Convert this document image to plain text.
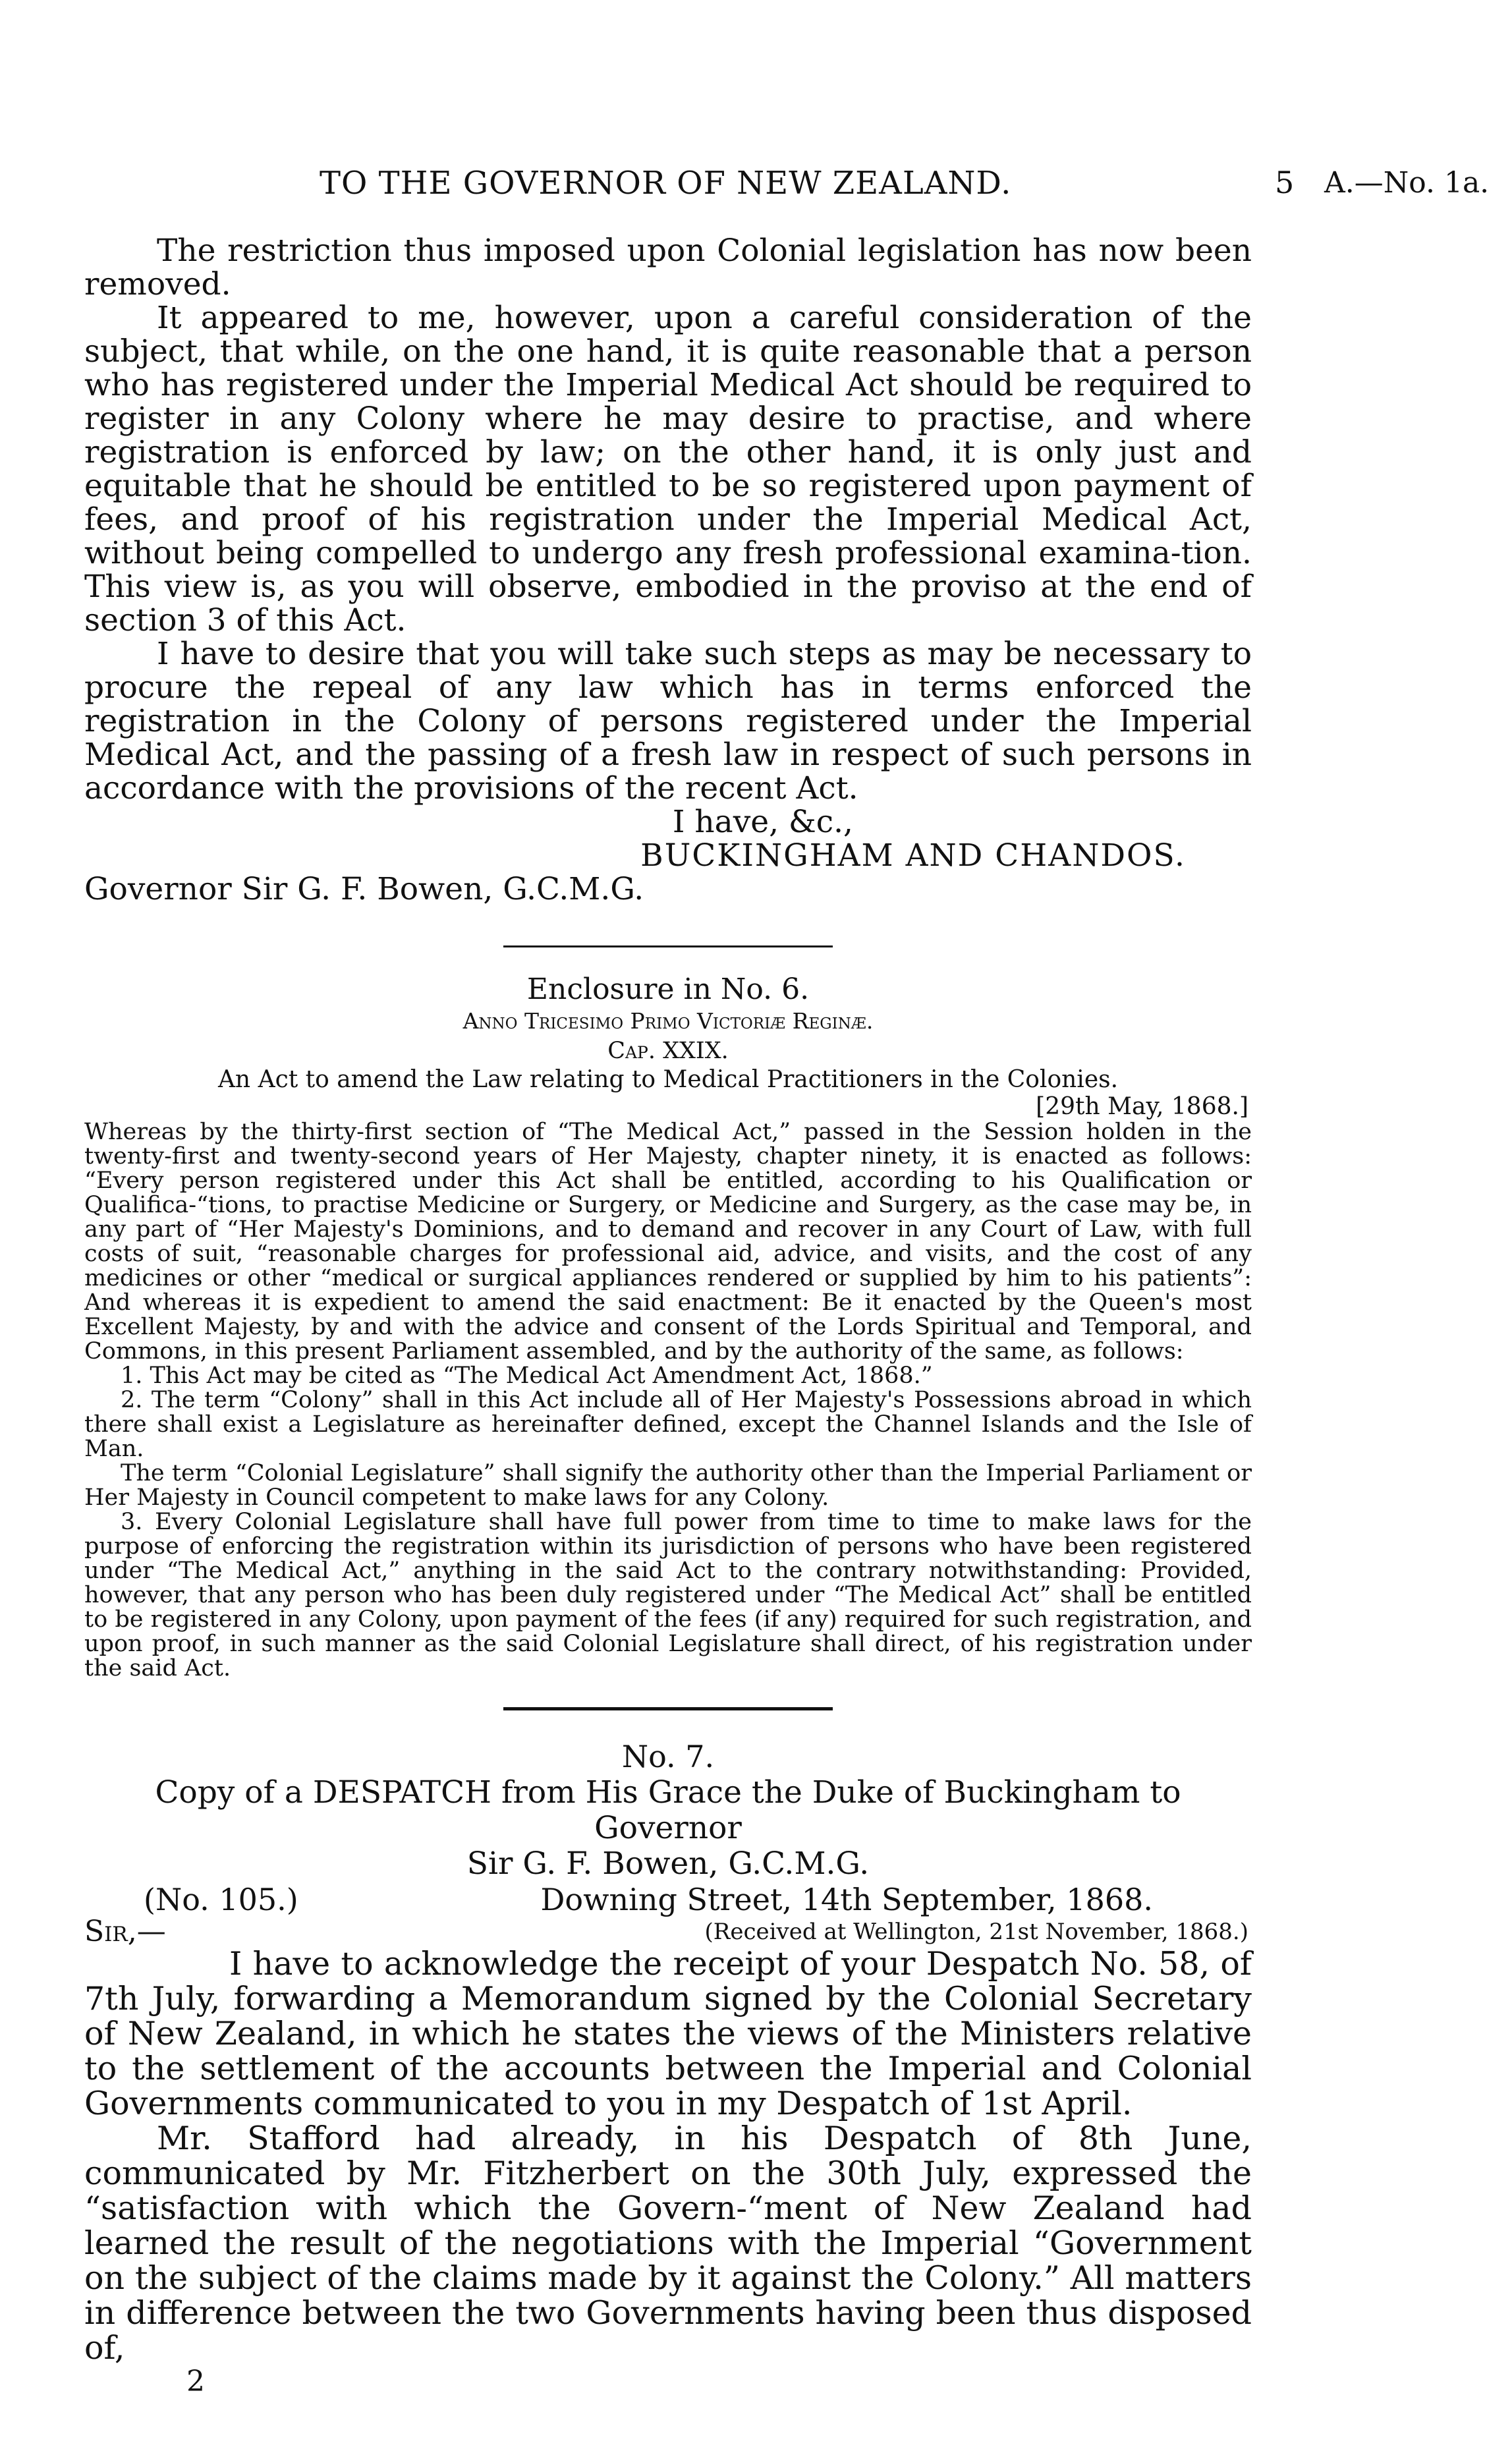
TO THE GOVERNOR OF NEW ZEALAND.	5 A.—No. 1a.

The restriction thus imposed upon Colonial legislation has now been removed.

It appeared to me, however, upon a careful consideration of the subject, that while, on the one hand, it is quite reasonable that a person who has registered under the Imperial Medical Act should be required to register in any Colony where he may desire to practise, and where registration is enforced by law; on the other hand, it is only just and equitable that he should be entitled to be so registered upon payment of fees, and proof of his registration under the Imperial Medical Act, without being compelled to undergo any fresh professional examina-tion. This view is, as you will observe, embodied in the proviso at the end of section 3 of this Act.

I have to desire that you will take such steps as may be necessary to procure the repeal of any law which has in terms enforced the registration in the Colony of persons registered under the Imperial Medical Act, and the passing of a fresh law in respect of such persons in accordance with the provisions of the recent Act.

I have, &c.,

BUCKINGHAM AND CHANDOS.

Governor Sir G. F. Bowen, G.C.M.G.

Enclosure in No. 6.
Anno Tricesimo Primo Victoriæ Reginæ.
Cap. XXIX.
An Act to amend the Law relating to Medical Practitioners in the Colonies.
[29th May, 1868.]

Whereas by the thirty-first section of “The Medical Act,” passed in the Session holden in the twenty-first and twenty-second years of Her Majesty, chapter ninety, it is enacted as follows: “Every person registered under this Act shall be entitled, according to his Qualification or Qualifica-“tions, to practise Medicine or Surgery, or Medicine and Surgery, as the case may be, in any part of “Her Majesty's Dominions, and to demand and recover in any Court of Law, with full costs of suit, “reasonable charges for professional aid, advice, and visits, and the cost of any medicines or other “medical or surgical appliances rendered or supplied by him to his patients”: And whereas it is expedient to amend the said enactment: Be it enacted by the Queen's most Excellent Majesty, by and with the advice and consent of the Lords Spiritual and Temporal, and Commons, in this present Parliament assembled, and by the authority of the same, as follows:

1. This Act may be cited as “The Medical Act Amendment Act, 1868.”

2. The term “Colony” shall in this Act include all of Her Majesty's Possessions abroad in which there shall exist a Legislature as hereinafter defined, except the Channel Islands and the Isle of Man.

The term “Colonial Legislature” shall signify the authority other than the Imperial Parliament or Her Majesty in Council competent to make laws for any Colony.

3. Every Colonial Legislature shall have full power from time to time to make laws for the purpose of enforcing the registration within its jurisdiction of persons who have been registered under “The Medical Act,” anything in the said Act to the contrary notwithstanding: Provided, however, that any person who has been duly registered under “The Medical Act” shall be entitled to be registered in any Colony, upon payment of the fees (if any) required for such registration, and upon proof, in such manner as the said Colonial Legislature shall direct, of his registration under the said Act.

No. 7.
Copy of a DESPATCH from His Grace the Duke of Buckingham to Governor
Sir G. F. Bowen, G.C.M.G.
(No. 105.)	Downing Street, 14th September, 1868.
Sir,—	(Received at Wellington, 21st November, 1868.)

I have to acknowledge the receipt of your Despatch No. 58, of 7th July, forwarding a Memorandum signed by the Colonial Secretary of New Zealand, in which he states the views of the Ministers relative to the settlement of the accounts between the Imperial and Colonial Governments communicated to you in my Despatch of 1st April.

Mr. Stafford had already, in his Despatch of 8th June, communicated by Mr. Fitzherbert on the 30th July, expressed the “satisfaction with which the Govern-“ment of New Zealand had learned the result of the negotiations with the Imperial “Government on the subject of the claims made by it against the Colony.” All matters in difference between the two Governments having been thus disposed of,

2
